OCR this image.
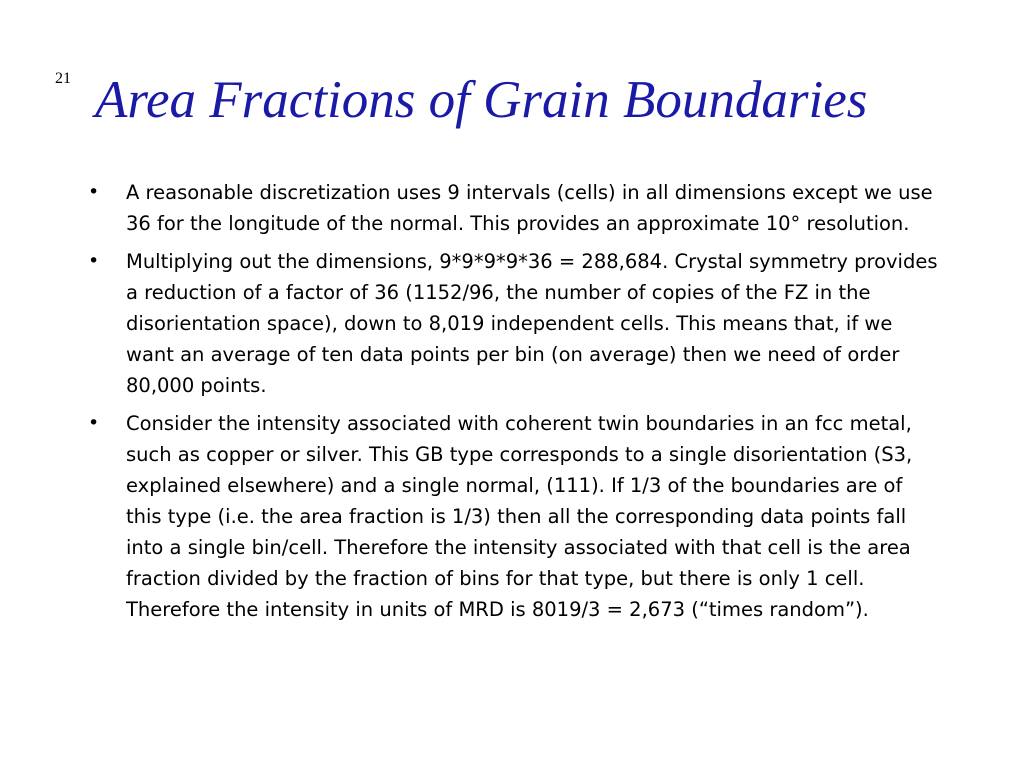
21 Area Fractions of Grain Boundaries
•	A reasonable discretization uses 9 intervals (cells) in all dimensions except we use 36 for the longitude of the normal. This provides an approximate 10° resolution.
•	Multiplying out the dimensions, 9*9*9*9*36 = 288,684. Crystal symmetry provides a reduction of a factor of 36 (1152/96, the number of copies of the FZ in the disorientation space), down to 8,019 independent cells. This means that, if we want an average of ten data points per bin (on average) then we need of order 80,000 points.
•	Consider the intensity associated with coherent twin boundaries in an fcc metal, such as copper or silver. This GB type corresponds to a single disorientation (S3, explained elsewhere) and a single normal, (111). If 1/3 of the boundaries are of this type (i.e. the area fraction is 1/3) then all the corresponding data points fall into a single bin/cell. Therefore the intensity associated with that cell is the area fraction divided by the fraction of bins for that type, but there is only 1 cell. Therefore the intensity in units of MRD is 8019/3 = 2,673 (“times random”).
